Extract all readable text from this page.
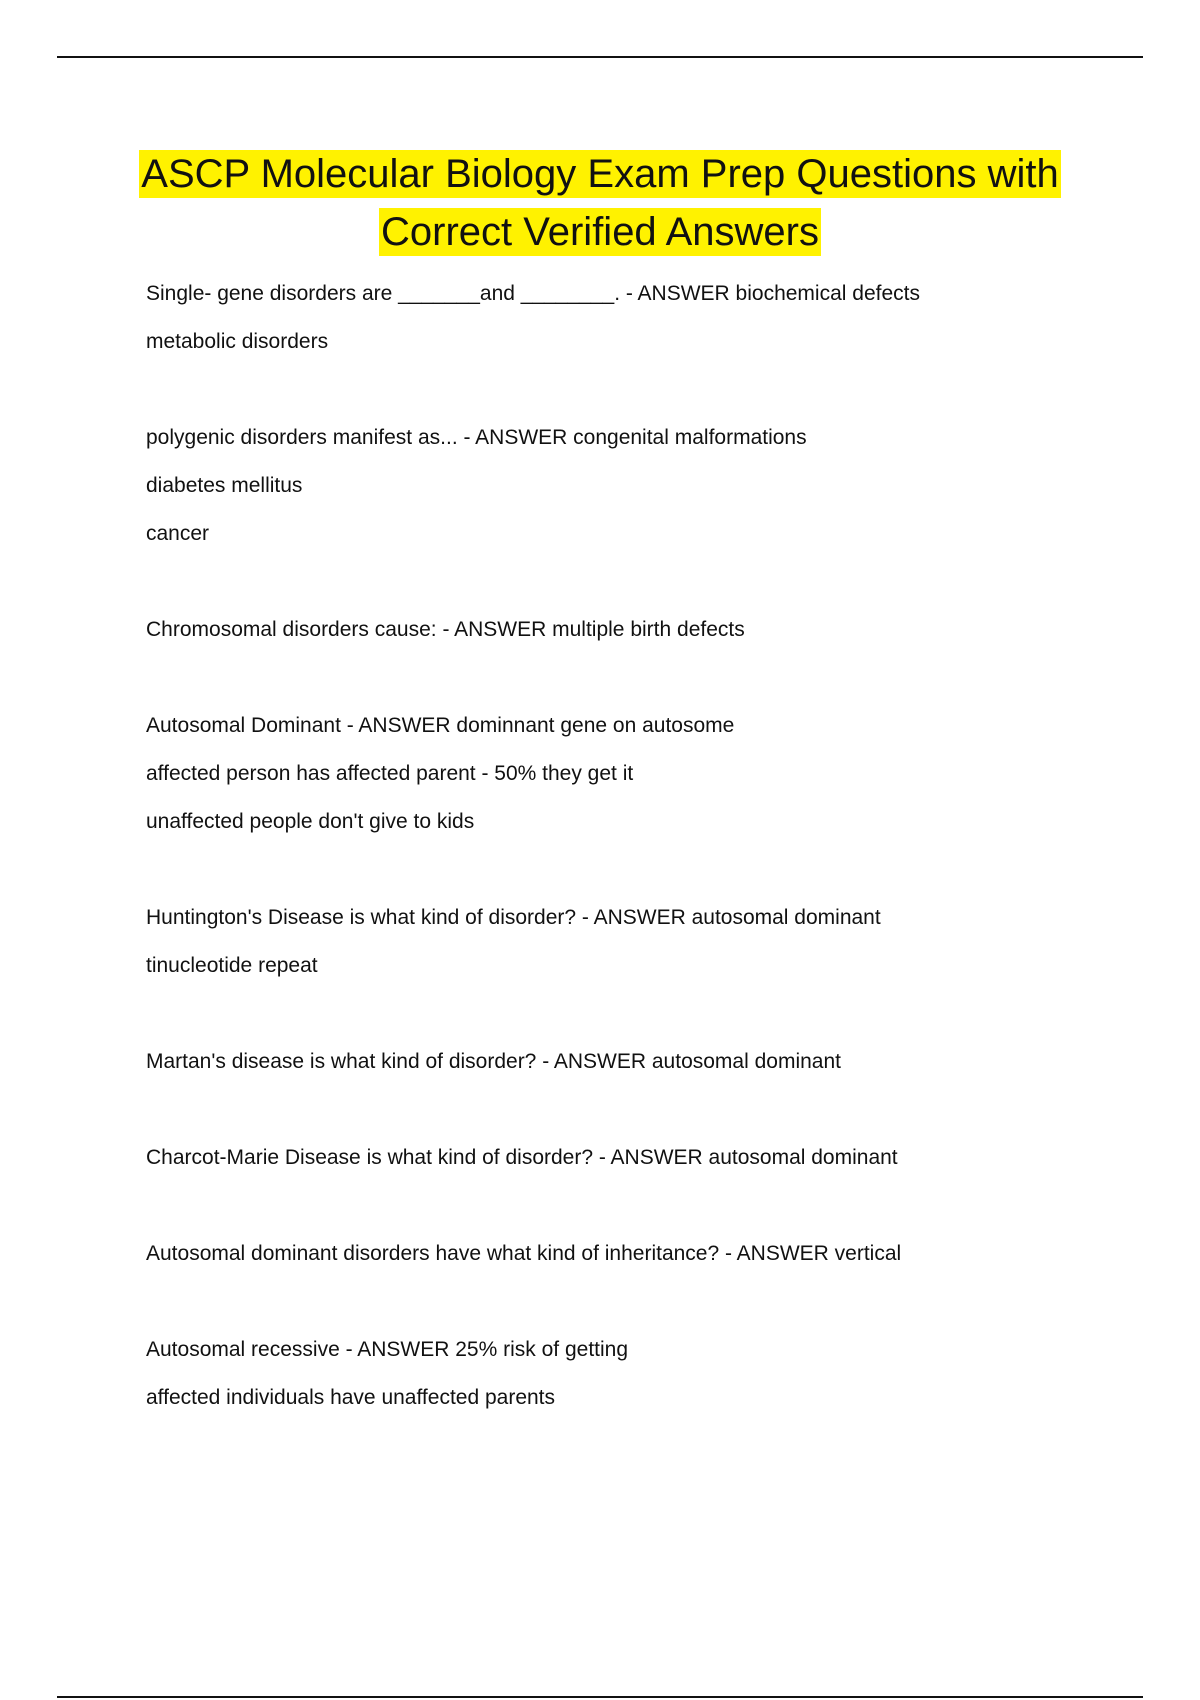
ASCP Molecular Biology Exam Prep Questions with
Correct Verified Answers
Single- gene disorders are _______and ________. - ANSWER biochemical defects
metabolic disorders
polygenic disorders manifest as... - ANSWER congenital malformations
diabetes mellitus
cancer
Chromosomal disorders cause: - ANSWER multiple birth defects
Autosomal Dominant - ANSWER dominnant gene on autosome
affected person has affected parent - 50% they get it
unaffected people don't give to kids
Huntington's Disease is what kind of disorder? - ANSWER autosomal dominant
tinucleotide repeat
Martan's disease is what kind of disorder? - ANSWER autosomal dominant
Charcot-Marie Disease is what kind of disorder? - ANSWER autosomal dominant
Autosomal dominant disorders have what kind of inheritance? - ANSWER vertical
Autosomal recessive - ANSWER 25% risk of getting
affected individuals have unaffected parents
